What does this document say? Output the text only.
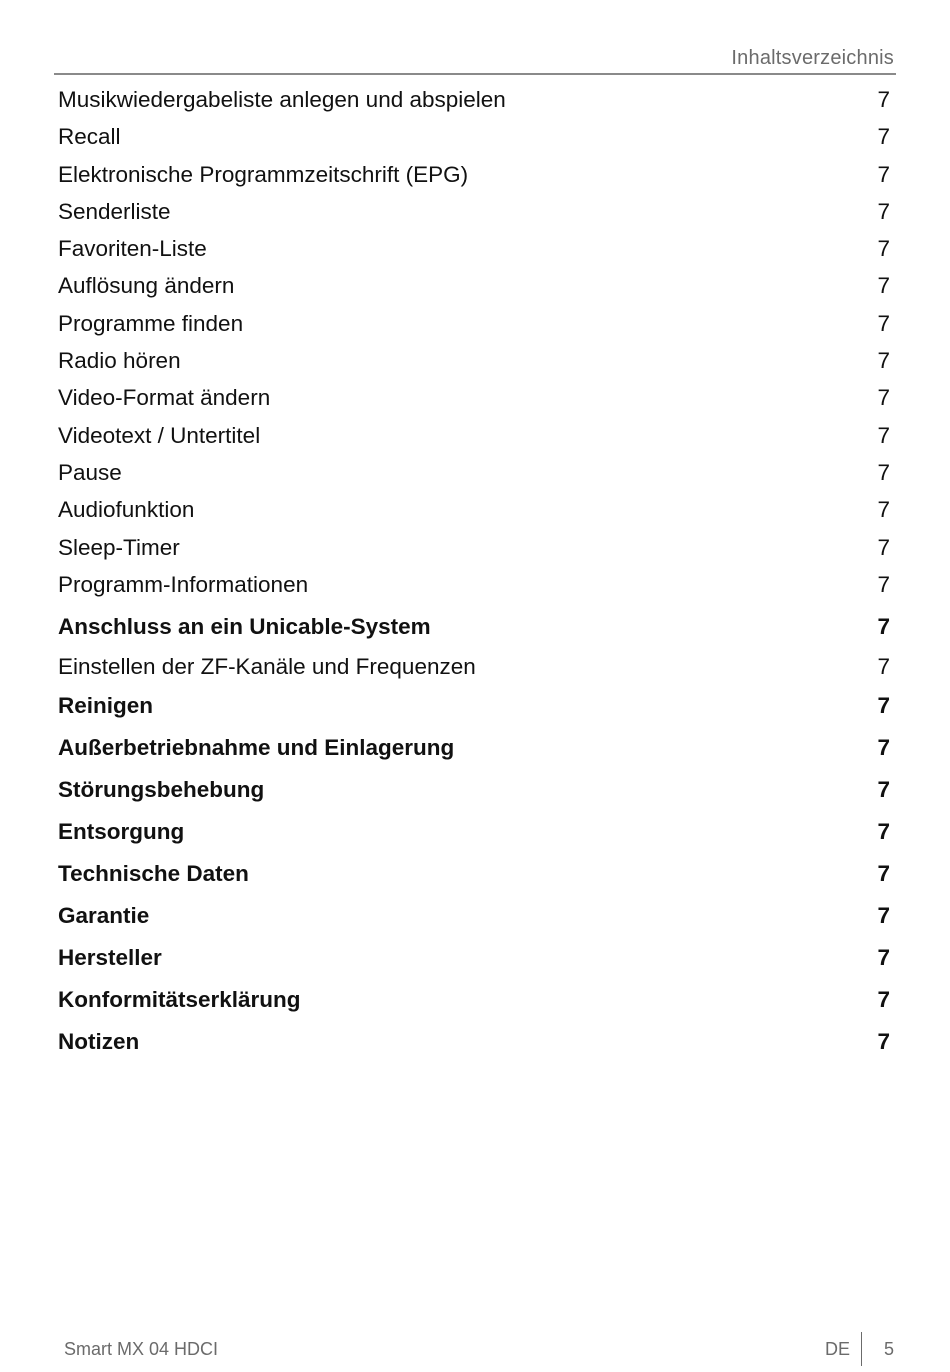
Inhaltsverzeichnis
Musikwiedergabeliste anlegen und abspielen	7
Recall	7
Elektronische Programmzeitschrift (EPG)	7
Senderliste	7
Favoriten-Liste	7
Auflösung ändern	7
Programme finden	7
Radio hören	7
Video-Format ändern	7
Videotext / Untertitel	7
Pause	7
Audiofunktion	7
Sleep-Timer	7
Programm-Informationen	7
Anschluss an ein Unicable-System	7
Einstellen der ZF-Kanäle und Frequenzen	7
Reinigen	7
Außerbetriebnahme und Einlagerung	7
Störungsbehebung	7
Entsorgung	7
Technische Daten	7
Garantie	7
Hersteller	7
Konformitätserklärung	7
Notizen	7
Smart MX 04 HDCI	DE 5
